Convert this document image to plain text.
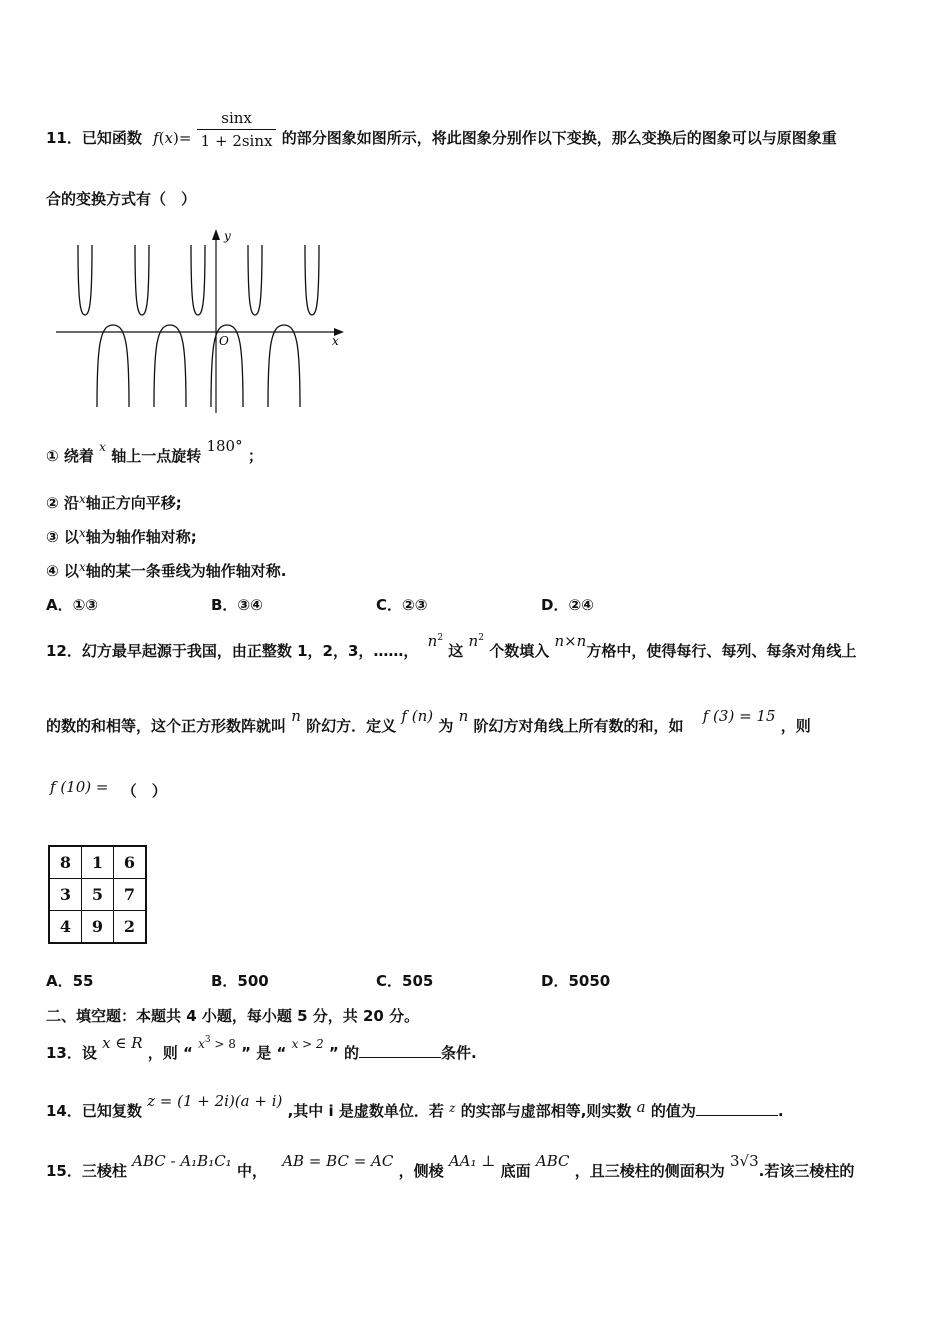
11．已知函数 $f(x)= \frac{\sin x}{1 + 2\sin x}$ 的部分图象如图所示，将此图象分别作以下变换，那么变换后的图象可以与原图象重
合的变换方式有（　）
y
x
O
① 绕着 $^x$ 轴上一点旋转 180° ；
② 沿$^x$轴正方向平移;
③ 以$^x$轴为轴作轴对称;
④ 以$^x$轴的某一条垂线为轴作轴对称.
A．①③	B．③④	C．②③	D．②④
12．幻方最早起源于我国，由正整数 1，2，3，……， $n^2$ 这 $n^2$ 个数填入 n×n方格中，使得每行、每列、每条对角线上
的数的和相等，这个正方形数阵就叫 n 阶幻方．定义 f (n) 为 n 阶幻方对角线上所有数的和，如 f (3) = 15 ，则
f (10) = （　）
8	1	6
3	5	7
4	9	2
A．55	B．500	C．505	D．5050
二、填空题：本题共 4 小题，每小题 5 分，共 20 分。
13．设 x ∈ R ，则 “ $^{x3}$ $^{> 8}$ ” 是 “ $^{x > 2}$ ” 的	条件.
14．已知复数 z = (1 + 2i)(a + i) ,其中 i 是虚数单位．若 $^z$ 的实部与虚部相等,则实数 a 的值为	.
15．三棱柱 ABC - A₁B₁C₁ 中， AB = BC = AC ，侧棱 AA₁ ⊥ 底面 ABC ，且三棱柱的侧面积为 3√3.若该三棱柱的
